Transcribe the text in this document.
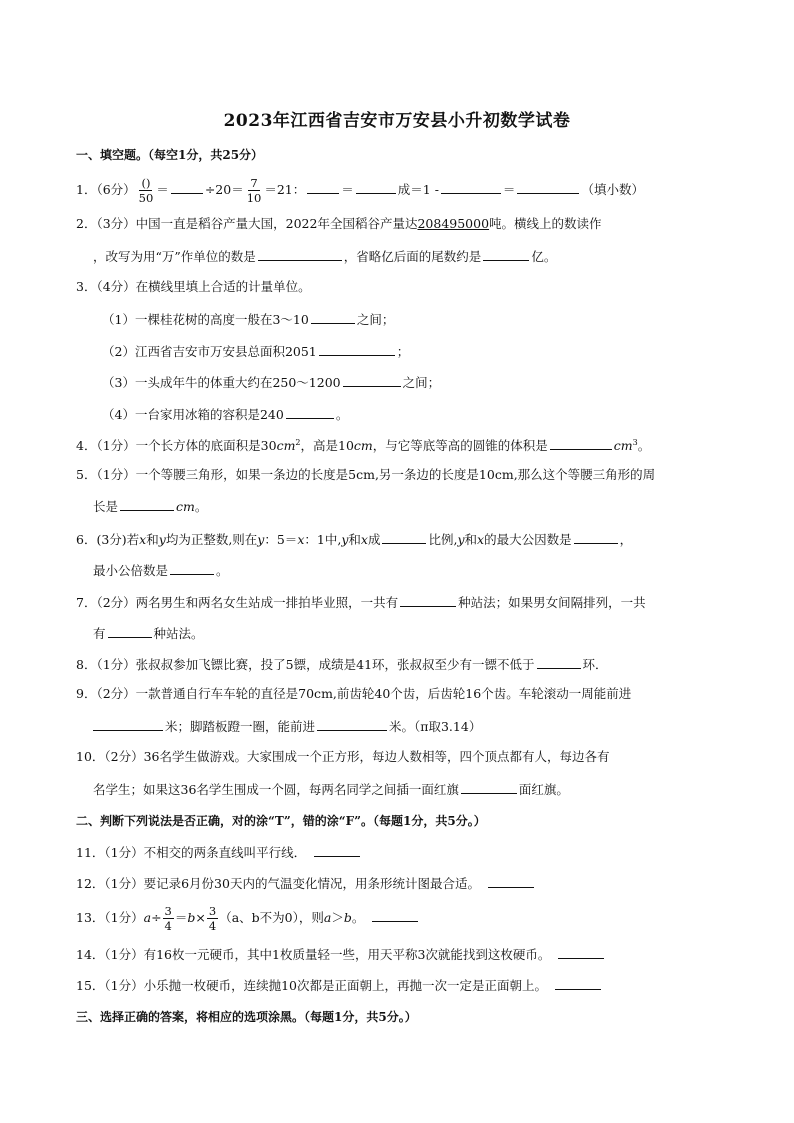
2023年江西省吉安市万安县小升初数学试卷
一、填空题。（每空1分，共25分）
1．（6分） $\frac{()}{50}$ ＝	$\div 20= \frac{7}{10} =21$：	＝	成＝1 -	＝	（填小数）
2．（3分）中国一直是稻谷产量大国，2022年全国稻谷产量达208495000吨。横线上的数读作
，改写为用“万”作单位的数是	，省略亿后面的尾数约是	亿。
3．（4分）在横线里填上合适的计量单位。
（1）一棵桂花树的高度一般在3～10	之间；
（2）江西省吉安市万安县总面积2051	；
（3）一头成年牛的体重大约在250～1200	之间；
（4）一台家用冰箱的容积是240	。
4．（1分）一个长方体的底面积是$30cm^2$，高是10cm，与它等底等高的圆锥的体积是	$cm^3$。
5．（1分）一个等腰三角形，如果一条边的长度是5cm,另一条边的长度是10cm,那么这个等腰三角形的周
长是	cm。
6．(3分)若x和y均为正整数,则在y：5＝x：1中,y和x成	比例,y和x的最大公因数是	，
最小公倍数是	。
7．（2分）两名男生和两名女生站成一排拍毕业照，一共有	种站法；如果男女间隔排列，一共
有	种站法。
8．（1分）张叔叔参加飞镖比赛，投了5镖，成绩是41环，张叔叔至少有一镖不低于	环．
9．（2分）一款普通自行车车轮的直径是70cm,前齿轮40个齿，后齿轮16个齿。车轮滚动一周能前进
米；脚踏板蹬一圈，能前进	米。（π取3.14）
10．（2分）36名学生做游戏。大家围成一个正方形，每边人数相等，四个顶点都有人，每边各有
名学生；如果这36名学生围成一个圆，每两名同学之间插一面红旗	面红旗。
二、判断下列说法是否正确，对的涂“T”，错的涂“F”。（每题1分，共5分。）
11．（1分）不相交的两条直线叫平行线．
12．（1分）要记录6月份30天内的气温变化情况，用条形统计图最合适。
13．（1分）$a\div \frac{3}{4} =b\times \frac{3}{4} (a$、b不为0），则a＞b。
14．（1分）有16枚一元硬币，其中1枚质量轻一些，用天平称3次就能找到这枚硬币。
15．（1分）小乐抛一枚硬币，连续抛10次都是正面朝上，再抛一次一定是正面朝上。
三、选择正确的答案，将相应的选项涂黑。（每题1分，共5分。）
